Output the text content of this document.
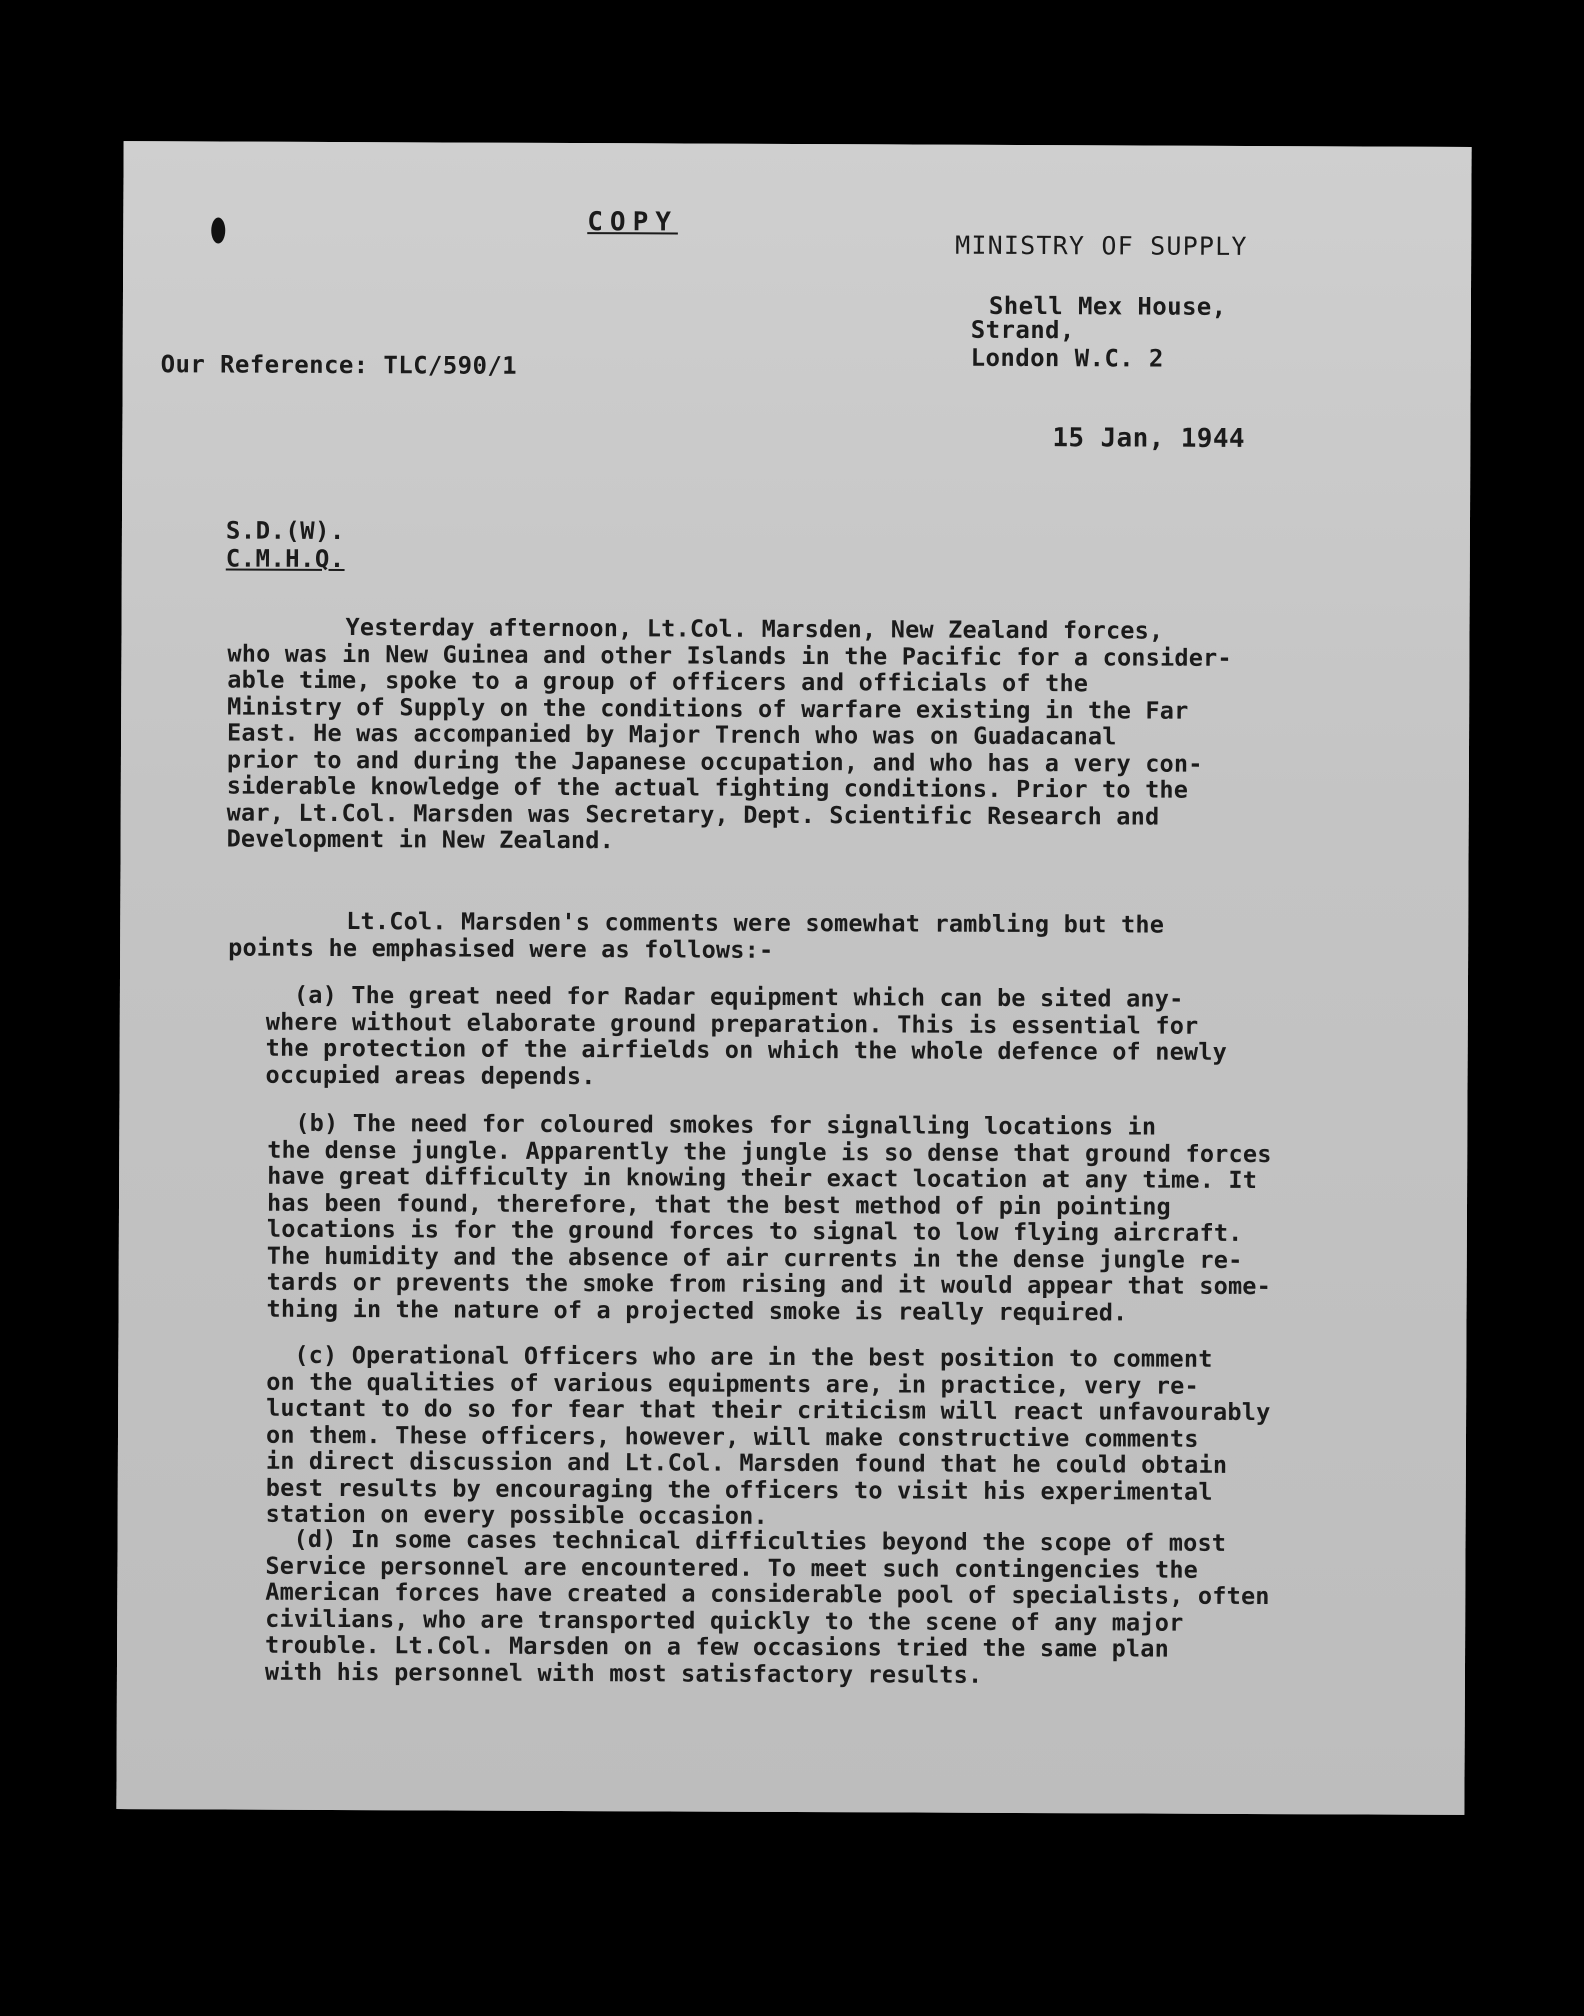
COPY
MINISTRY OF SUPPLY
Shell Mex House,
Strand,
London W.C. 2
Our Reference: TLC/590/1
15 Jan, 1944
S.D.(W).
C.M.H.Q.
Yesterday afternoon, Lt.Col. Marsden, New Zealand forces,
who was in New Guinea and other Islands in the Pacific for a consider-
able time, spoke to a group of officers and officials of the
Ministry of Supply on the conditions of warfare existing in the Far
East. He was accompanied by Major Trench who was on Guadacanal
prior to and during the Japanese occupation, and who has a very con-
siderable knowledge of the actual fighting conditions. Prior to the
war, Lt.Col. Marsden was Secretary, Dept. Scientific Research and
Development in New Zealand.
Lt.Col. Marsden's comments were somewhat rambling but the
points he emphasised were as follows:-
(a) The great need for Radar equipment which can be sited any-
where without elaborate ground preparation. This is essential for
the protection of the airfields on which the whole defence of newly
occupied areas depends.
(b) The need for coloured smokes for signalling locations in
the dense jungle. Apparently the jungle is so dense that ground forces
have great difficulty in knowing their exact location at any time. It
has been found, therefore, that the best method of pin pointing
locations is for the ground forces to signal to low flying aircraft.
The humidity and the absence of air currents in the dense jungle re-
tards or prevents the smoke from rising and it would appear that some-
thing in the nature of a projected smoke is really required.
(c) Operational Officers who are in the best position to comment
on the qualities of various equipments are, in practice, very re-
luctant to do so for fear that their criticism will react unfavourably
on them. These officers, however, will make constructive comments
in direct discussion and Lt.Col. Marsden found that he could obtain
best results by encouraging the officers to visit his experimental
station on every possible occasion.
(d) In some cases technical difficulties beyond the scope of most
Service personnel are encountered. To meet such contingencies the
American forces have created a considerable pool of specialists, often
civilians, who are transported quickly to the scene of any major
trouble. Lt.Col. Marsden on a few occasions tried the same plan
with his personnel with most satisfactory results.
